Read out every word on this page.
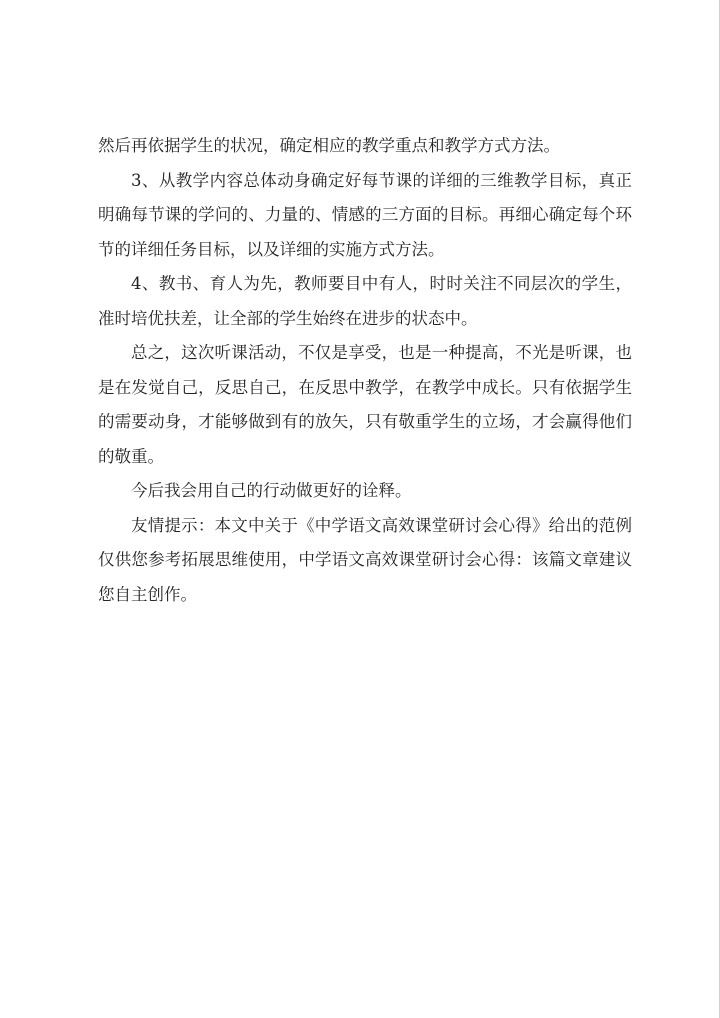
然后再依据学生的状况，确定相应的教学重点和教学方式方法。

3、从教学内容总体动身确定好每节课的详细的三维教学目标，真正
明确每节课的学问的、力量的、情感的三方面的目标。再细心确定每个环
节的详细任务目标，以及详细的实施方式方法。

4、教书、育人为先，教师要目中有人，时时关注不同层次的学生，
准时培优扶差，让全部的学生始终在进步的状态中。

总之，这次听课活动，不仅是享受，也是一种提高，不光是听课，也
是在发觉自己，反思自己，在反思中教学，在教学中成长。只有依据学生
的需要动身，才能够做到有的放矢，只有敬重学生的立场，才会赢得他们
的敬重。

今后我会用自己的行动做更好的诠释。

友情提示：本文中关于《中学语文高效课堂研讨会心得》给出的范例
仅供您参考拓展思维使用，中学语文高效课堂研讨会心得：该篇文章建议
您自主创作。
